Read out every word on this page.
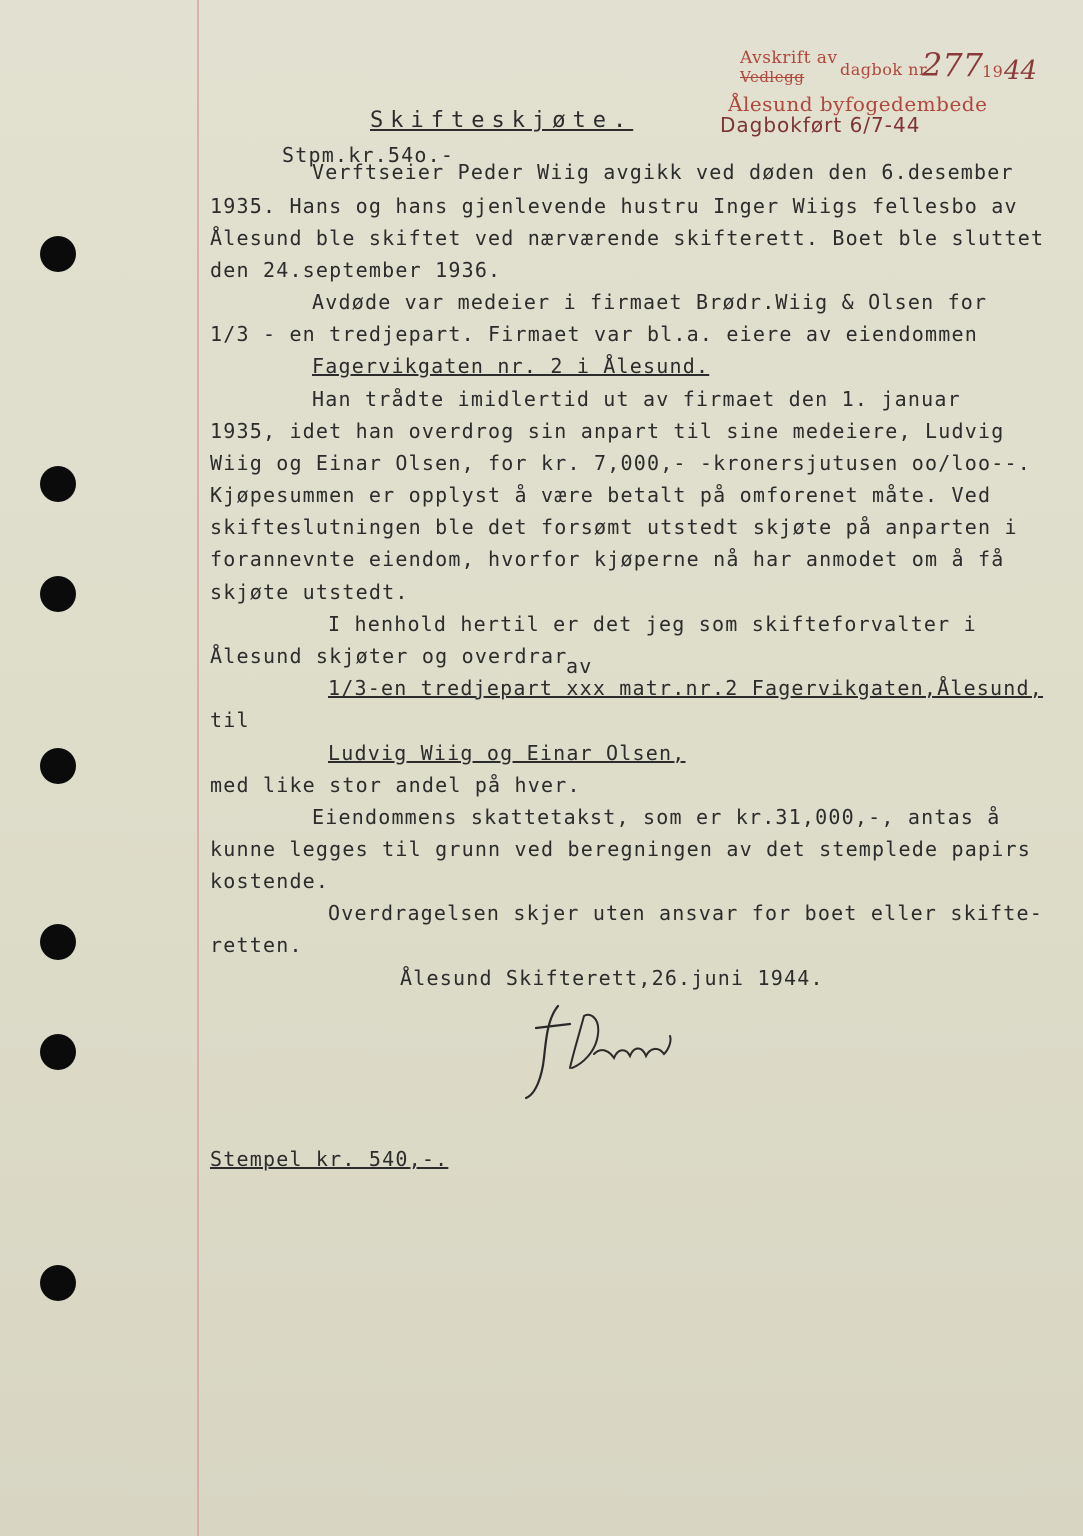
Avskrift av
Vedlegg dagbok nr.
277
19 44
Ålesund byfogedembede
Dagbokført 6/7-44
Skifteskjøte.
Stpm.kr.54o.-
Verftseier Peder Wiig avgikk ved døden den 6.desember
1935. Hans og hans gjenlevende hustru Inger Wiigs fellesbo av
Ålesund ble skiftet ved nærværende skifterett. Boet ble sluttet
den 24.september 1936.
Avdøde var medeier i firmaet Brødr.Wiig & Olsen for
1/3 - en tredjepart. Firmaet var bl.a. eiere av eiendommen
Fagervikgaten nr. 2 i Ålesund.
Han trådte imidlertid ut av firmaet den 1. januar
1935, idet han overdrog sin anpart til sine medeiere, Ludvig
Wiig og Einar Olsen, for kr. 7,000,- -kronersjutusen oo/loo--.
Kjøpesummen er opplyst å være betalt på omforenet måte. Ved
skifteslutningen ble det forsømt utstedt skjøte på anparten i
forannevnte eiendom, hvorfor kjøperne nå har anmodet om å få
skjøte utstedt.
I henhold hertil er det jeg som skifteforvalter i
Ålesund skjøter og overdrar
av
1/3-en tredjepart xxx matr.nr.2 Fagervikgaten,Ålesund,
til
Ludvig Wiig og Einar Olsen,
med like stor andel på hver.
Eiendommens skattetakst, som er kr.31,000,-, antas å
kunne legges til grunn ved beregningen av det stemplede papirs
kostende.
Overdragelsen skjer uten ansvar for boet eller skifte-
retten.
Ålesund Skifterett,26.juni 1944.
Stempel kr. 540,-.
